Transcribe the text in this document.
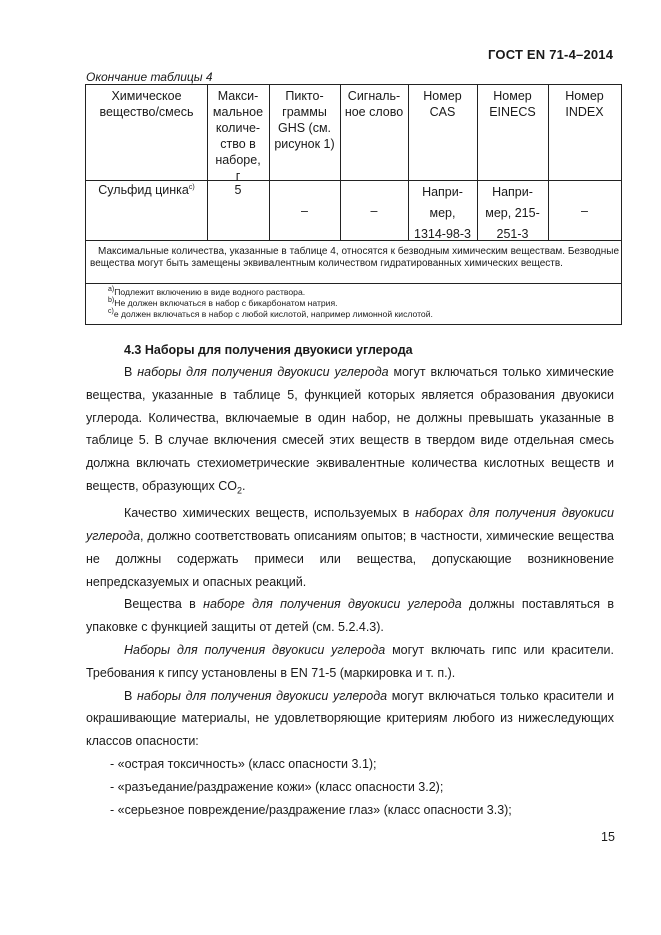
ГОСТ EN 71-4–2014
Окончание таблицы 4
Химическое
вещество/смесь
Макси-
мальное
количе-
ство в
наборе,
г
Пикто-
граммы
GHS (см.
рисунок 1)
Сигналь-
ное слово
Номер
CAS
Номер
EINECS
Номер
INDEX
Сульфид цинка$^{c)}$	5
–	–
Напри-
мер,
1314-98-3
Напри-
мер, 215-
251-3
–
Максимальные количества, указанные в таблице 4, относятся к безводным химическим веществам. Безводные вещества могут быть замещены эквивалентным количеством гидратированных химических веществ.
$^{a)}$Подлежит включению в виде водного раствора.
$^{b)}$Не должен включаться в набор с бикарбонатом натрия.
$^{c)}$е должен включаться в набор с любой кислотой, например лимонной кислотой.
4.3 Наборы для получения двуокиси углерода

В наборы для получения двуокиси углерода могут включаться только химические вещества, указанные в таблице 5, функцией которых является образования двуокиси углерода. Количества, включаемые в один набор, не должны превышать указанные в таблице 5. В случае включения смесей этих веществ в твердом виде отдельная смесь должна включать стехиометрические эквивалентные количества кислотных веществ и веществ, образующих $CO_2$.

Качество химических веществ, используемых в наборах для получения двуокиси углерода, должно соответствовать описаниям опытов; в частности, химические вещества не должны содержать примеси или вещества, допускающие возникновение непредсказуемых и опасных реакций.

Вещества в наборе для получения двуокиси углерода должны поставляться в упаковке с функцией защиты от детей (см. 5.2.4.3).

Наборы для получения двуокиси углерода могут включать гипс или красители. Требования к гипсу установлены в EN 71-5 (маркировка и т. п.).

В наборы для получения двуокиси углерода могут включаться только красители и окрашивающие материалы, не удовлетворяющие критериям любого из нижеследующих классов опасности:

- «острая токсичность» (класс опасности 3.1);

- «разъедание/раздражение кожи» (класс опасности 3.2);

- «серьезное повреждение/раздражение глаз» (класс опасности 3.3);

15
